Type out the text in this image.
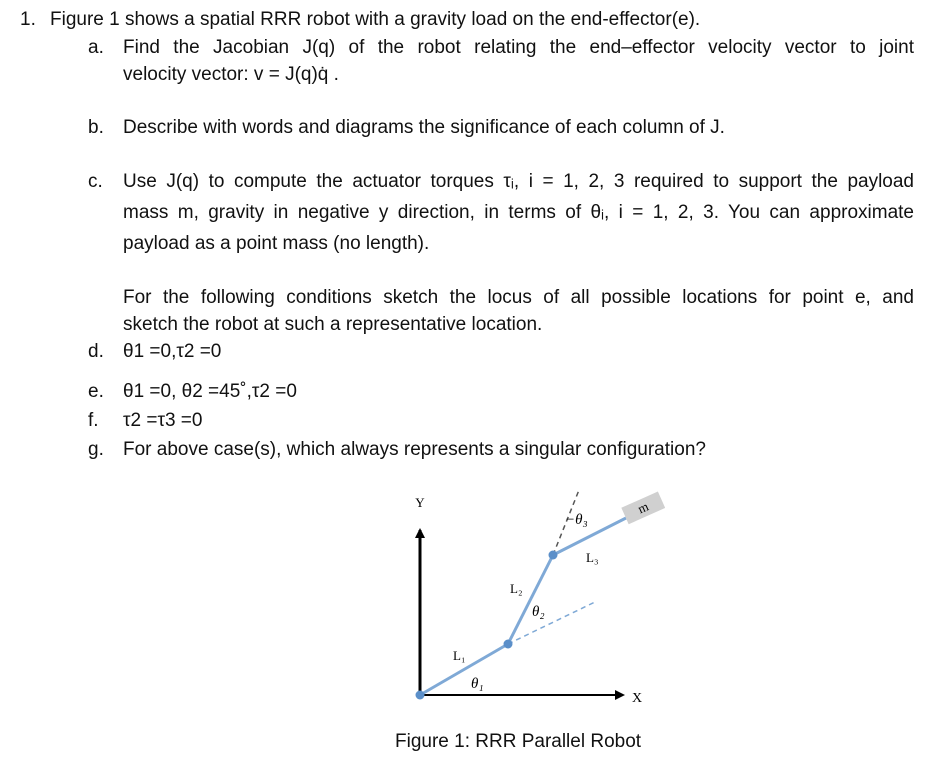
1. Figure 1 shows a spatial RRR robot with a gravity load on the end-effector(e).
a. Find the Jacobian J(q) of the robot relating the end–effector velocity vector to joint
velocity vector: v = J(q)q̇ .
b. Describe with words and diagrams the significance of each column of J.
c. Use J(q) to compute the actuator torques τᵢ, i = 1, 2, 3 required to support the payload
mass m, gravity in negative y direction, in terms of θᵢ, i = 1, 2, 3. You can approximate
payload as a point mass (no length).
For the following conditions sketch the locus of all possible locations for point e, and
sketch the robot at such a representative location.
d. θ1 =0,τ2 =0
e. θ1 =0, θ2 =45˚,τ2 =0
f. τ2 =τ3 =0
g. For above case(s), which always represents a singular configuration?
Y
X
m
L₁
L₂
L₃
θ₁
θ₂
−θ₃
Figure 1: RRR Parallel Robot
